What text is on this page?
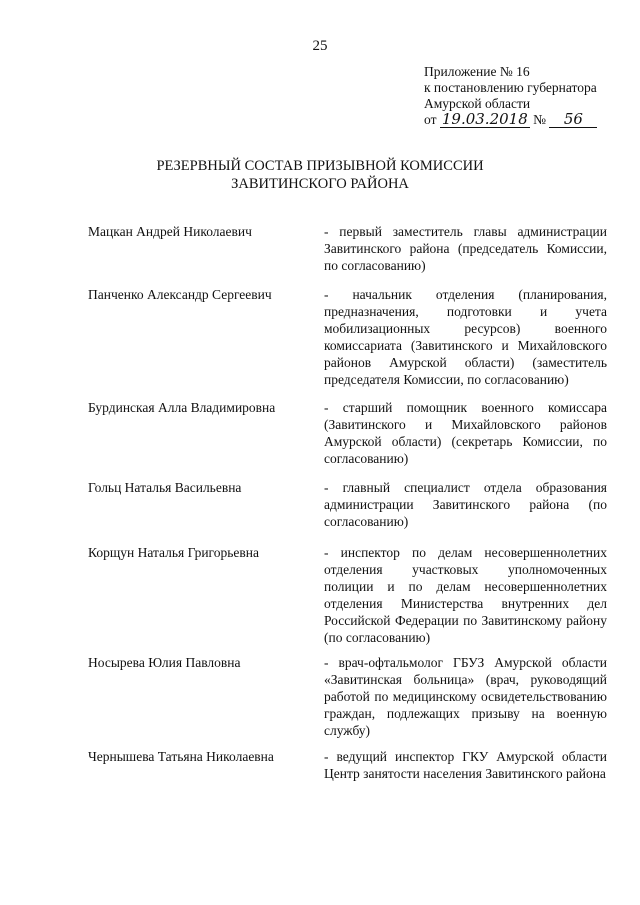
25
Приложение № 16
к постановлению губернатора
Амурской области
от 19.03.2018 № 56
РЕЗЕРВНЫЙ СОСТАВ ПРИЗЫВНОЙ КОМИССИИ
ЗАВИТИНСКОГО РАЙОНА
Мацкан Андрей Николаевич	- первый заместитель главы администрации Завитинского района (председатель Комиссии, по согласованию)
Панченко Александр Сергеевич	- начальник отделения (планирования, предназначения, подготовки и учета мобилизационных ресурсов) военного комиссариата (Завитинского и Михайловского районов Амурской области) (заместитель председателя Комиссии, по согласованию)
Бурдинская Алла Владимировна	- старший помощник военного комиссара (Завитинского и Михайловского районов Амурской области) (секретарь Комиссии, по согласованию)
Гольц Наталья Васильевна	- главный специалист отдела образования администрации Завитинского района (по согласованию)
Корщун Наталья Григорьевна	- инспектор по делам несовершеннолетних отделения участковых уполномоченных полиции и по делам несовершеннолетних отделения Министерства внутренних дел Российской Федерации по Завитинскому району (по согласованию)
Носырева Юлия Павловна	- врач-офтальмолог ГБУЗ Амурской области «Завитинская больница» (врач, руководящий работой по медицинскому освидетельствованию граждан, подлежащих призыву на военную службу)
Чернышева Татьяна Николаевна	- ведущий инспектор ГКУ Амурской области Центр занятости населения Завитинского района
